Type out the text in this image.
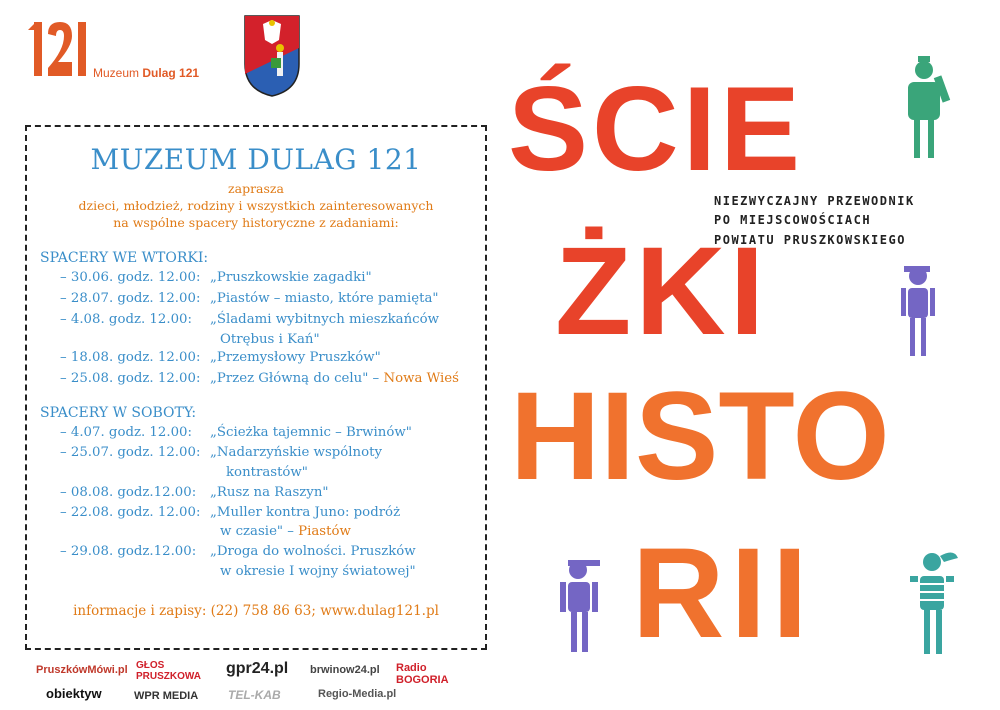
Muzeum Dulag 121
MUZEUM DULAG 121
zaprasza
dzieci, młodzież, rodziny i wszystkich zainteresowanych
na wspólne spacery historyczne z zadaniami:
SPACERY WE WTORKI:
– 30.06. godz. 12.00: „Pruszkowskie zagadki"
– 28.07. godz. 12.00: „Piastów – miasto, które pamięta"
– 4.08. godz. 12.00: „Śladami wybitnych mieszkańców
Otrębus i Kań"
– 18.08. godz. 12.00: „Przemysłowy Pruszków"
– 25.08. godz. 12.00: „Przez Główną do celu" – Nowa Wieś
SPACERY W SOBOTY:
– 4.07. godz. 12.00: „Ścieżka tajemnic – Brwinów"
– 25.07. godz. 12.00: „Nadarzyńskie wspólnoty
kontrastów"
– 08.08. godz.12.00: „Rusz na Raszyn"
– 22.08. godz. 12.00: „Muller kontra Juno: podróż
w czasie" – Piastów
– 29.08. godz.12.00: „Droga do wolności. Pruszków
w okresie I wojny światowej"
informacje i zapisy: (22) 758 86 63; www.dulag121.pl
ŚCIE
NIEZWYCZAJNY PRZEWODNIK
PO MIEJSCOWOŚCIACH
POWIATU PRUSZKOWSKIEGO
ŻKI
HISTO
RII
PruszkówMówi.pl GŁOS PRUSZKOWA gpr24.pl brwinow24.pl Radio BOGORIA
obiektyw	WPR MEDIA TEL-KAB	Regio-Media.pl
